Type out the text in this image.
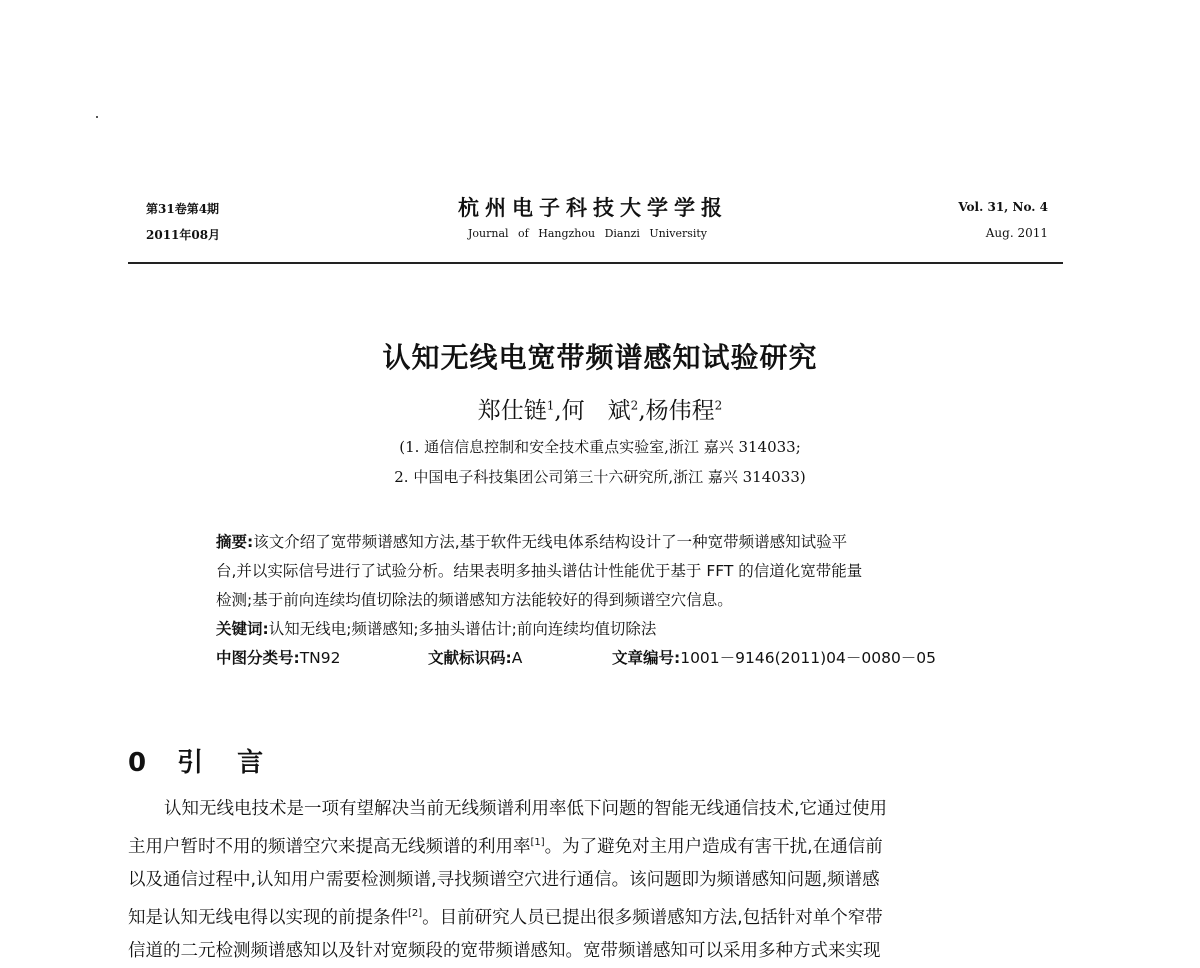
第31卷第4期
2011年08月
杭州电子科技大学学报
Journal of Hangzhou Dianzi University
Vol. 31, No. 4
Aug. 2011
认知无线电宽带频谱感知试验研究
郑仕链$^1$,何　斌$^2$,杨伟程$^2$
(1. 通信信息控制和安全技术重点实验室,浙江 嘉兴 314033;
2. 中国电子科技集团公司第三十六研究所,浙江 嘉兴 314033)
摘要:该文介绍了宽带频谱感知方法,基于软件无线电体系结构设计了一种宽带频谱感知试验平
台,并以实际信号进行了试验分析。结果表明多抽头谱估计性能优于基于 FFT 的信道化宽带能量
检测;基于前向连续均值切除法的频谱感知方法能较好的得到频谱空穴信息。
关键词:认知无线电;频谱感知;多抽头谱估计;前向连续均值切除法
中图分类号:TN92	文献标识码:A	文章编号:1001－9146(2011)04－0080－05
0 引　言
认知无线电技术是一项有望解决当前无线频谱利用率低下问题的智能无线通信技术,它通过使用
主用户暂时不用的频谱空穴来提高无线频谱的利用率[1]。为了避免对主用户造成有害干扰,在通信前
以及通信过程中,认知用户需要检测频谱,寻找频谱空穴进行通信。该问题即为频谱感知问题,频谱感
知是认知无线电得以实现的前提条件[2]。目前研究人员已提出很多频谱感知方法,包括针对单个窄带
信道的二元检测频谱感知以及针对宽频段的宽带频谱感知。宽带频谱感知可以采用多种方式来实现
